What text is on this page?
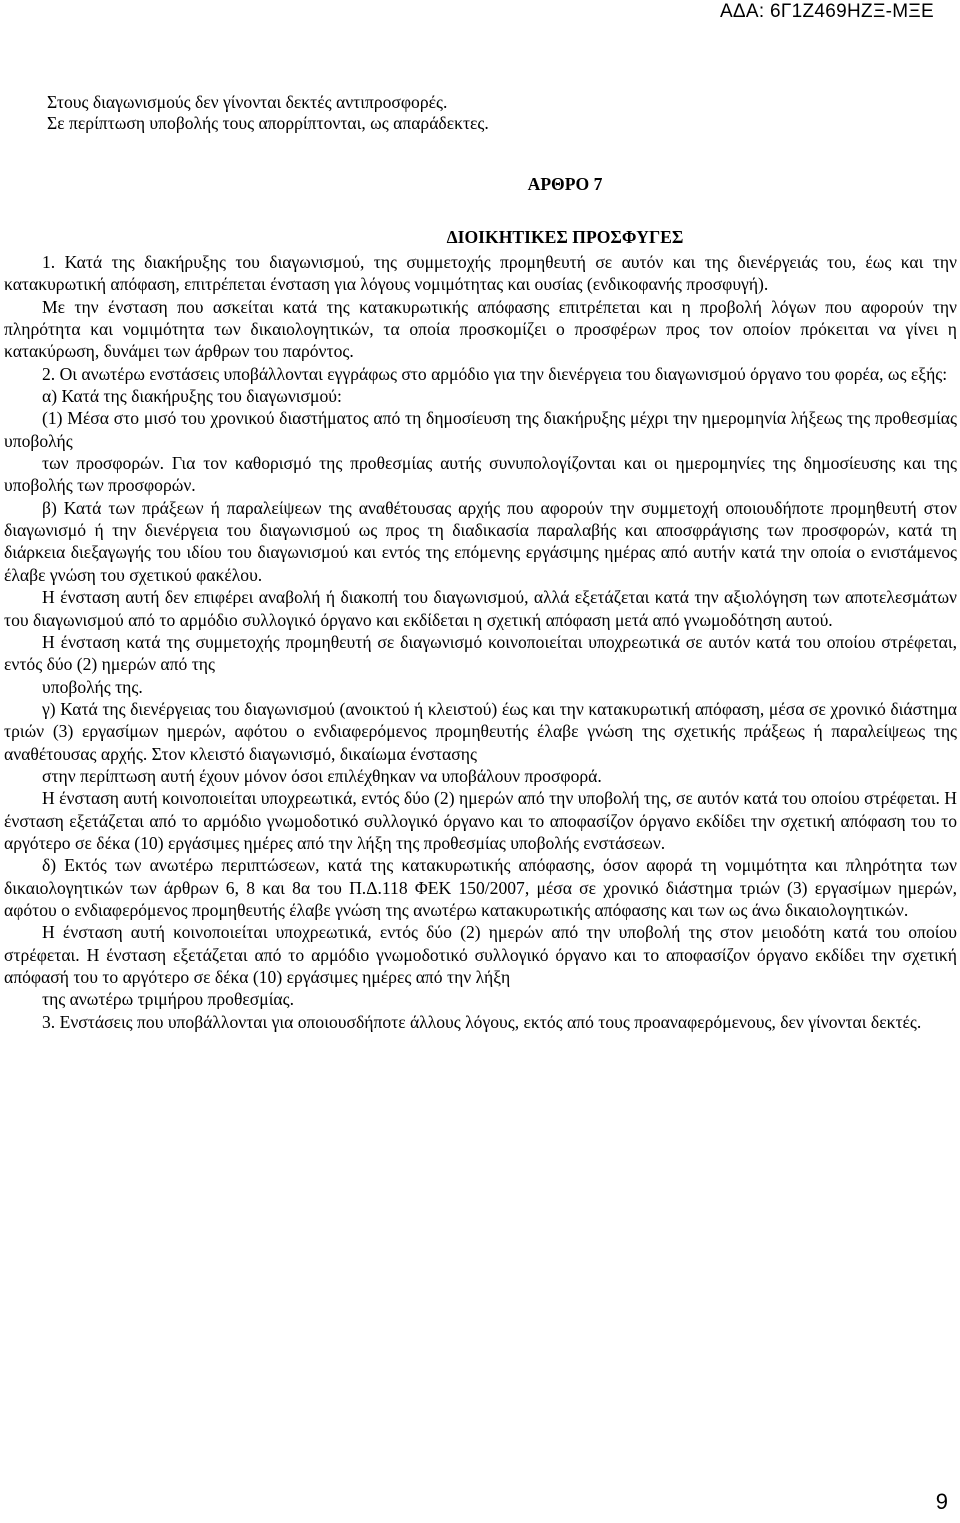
ΑΔΑ: 6Γ1Ζ469ΗΖΞ-ΜΞΕ
Στους διαγωνισμούς δεν γίνονται δεκτές αντιπροσφορές.
Σε περίπτωση υποβολής τους απορρίπτονται, ως απαράδεκτες.
ΑΡΘΡΟ 7
ΔΙΟΙΚΗΤΙΚΕΣ ΠΡΟΣΦΥΓΕΣ

1. Κατά της διακήρυξης του διαγωνισμού, της συμμετοχής προμηθευτή σε αυτόν και της διενέργειάς του, έως και την κατακυρωτική απόφαση, επιτρέπεται ένσταση για λόγους νομιμότητας και ουσίας (ενδικοφανής προσφυγή).

Με την ένσταση που ασκείται κατά της κατακυρωτικής απόφασης επιτρέπεται και η προβολή λόγων που αφορούν την πληρότητα και νομιμότητα των δικαιολογητικών, τα οποία προσκομίζει ο προσφέρων προς τον οποίον πρόκειται να γίνει η κατακύρωση, δυνάμει των άρθρων του παρόντος.

2. Οι ανωτέρω ενστάσεις υποβάλλονται εγγράφως στο αρμόδιο για την διενέργεια του διαγωνισμού όργανο του φορέα, ως εξής:

α) Κατά της διακήρυξης του διαγωνισμού:

(1) Μέσα στο μισό του χρονικού διαστήματος από τη δημοσίευση της διακήρυξης μέχρι την ημερομηνία λήξεως της προθεσμίας υποβολής

των προσφορών. Για τον καθορισμό της προθεσμίας αυτής συνυπολογίζονται και οι ημερομηνίες της δημοσίευσης και της υποβολής των προσφορών.

β) Κατά των πράξεων ή παραλείψεων της αναθέτουσας αρχής που αφορούν την συμμετοχή οποιουδήποτε προμηθευτή στον διαγωνισμό ή την διενέργεια του διαγωνισμού ως προς τη διαδικασία παραλαβής και αποσφράγισης των προσφορών, κατά τη διάρκεια διεξαγωγής του ιδίου του διαγωνισμού και εντός της επόμενης εργάσιμης ημέρας από αυτήν κατά την οποία ο ενιστάμενος έλαβε γνώση του σχετικού φακέλου.

Η ένσταση αυτή δεν επιφέρει αναβολή ή διακοπή του διαγωνισμού, αλλά εξετάζεται κατά την αξιολόγηση των αποτελεσμάτων του διαγωνισμού από το αρμόδιο συλλογικό όργανο και εκδίδεται η σχετική απόφαση μετά από γνωμοδότηση αυτού.

Η ένσταση κατά της συμμετοχής προμηθευτή σε διαγωνισμό κοινοποιείται υποχρεωτικά σε αυτόν κατά του οποίου στρέφεται, εντός δύο (2) ημερών από της

υποβολής της.

γ) Κατά της διενέργειας του διαγωνισμού (ανοικτού ή κλειστού) έως και την κατακυρωτική απόφαση, μέσα σε χρονικό διάστημα τριών (3) εργασίμων ημερών, αφότου ο ενδιαφερόμενος προμηθευτής έλαβε γνώση της σχετικής πράξεως ή παραλείψεως της αναθέτουσας αρχής. Στον κλειστό διαγωνισμό, δικαίωμα ένστασης

στην περίπτωση αυτή έχουν μόνον όσοι επιλέχθηκαν να υποβάλουν προσφορά.

Η ένσταση αυτή κοινοποιείται υποχρεωτικά, εντός δύο (2) ημερών από την υποβολή της, σε αυτόν κατά του οποίου στρέφεται. Η ένσταση εξετάζεται από το αρμόδιο γνωμοδοτικό συλλογικό όργανο και το αποφασίζον όργανο εκδίδει την σχετική απόφαση του το αργότερο σε δέκα (10) εργάσιμες ημέρες από την λήξη της προθεσμίας υποβολής ενστάσεων.

δ) Εκτός των ανωτέρω περιπτώσεων, κατά της κατακυρωτικής απόφασης, όσον αφορά τη νομιμότητα και πληρότητα των δικαιολογητικών των άρθρων 6, 8 και 8α του Π.Δ.118 ΦΕΚ 150/2007, μέσα σε χρονικό διάστημα τριών (3) εργασίμων ημερών, αφότου ο ενδιαφερόμενος προμηθευτής έλαβε γνώση της ανωτέρω κατακυρωτικής απόφασης και των ως άνω δικαιολογητικών.

Η ένσταση αυτή κοινοποιείται υποχρεωτικά, εντός δύο (2) ημερών από την υποβολή της στον μειοδότη κατά του οποίου στρέφεται. Η ένσταση εξετάζεται από το αρμόδιο γνωμοδοτικό συλλογικό όργανο και το αποφασίζον όργανο εκδίδει την σχετική απόφασή του το αργότερο σε δέκα (10) εργάσιμες ημέρες από την λήξη

της ανωτέρω τριμήρου προθεσμίας.

3. Ενστάσεις που υποβάλλονται για οποιουσδήποτε άλλους λόγους, εκτός από τους προαναφερόμενους, δεν γίνονται δεκτές.

9
